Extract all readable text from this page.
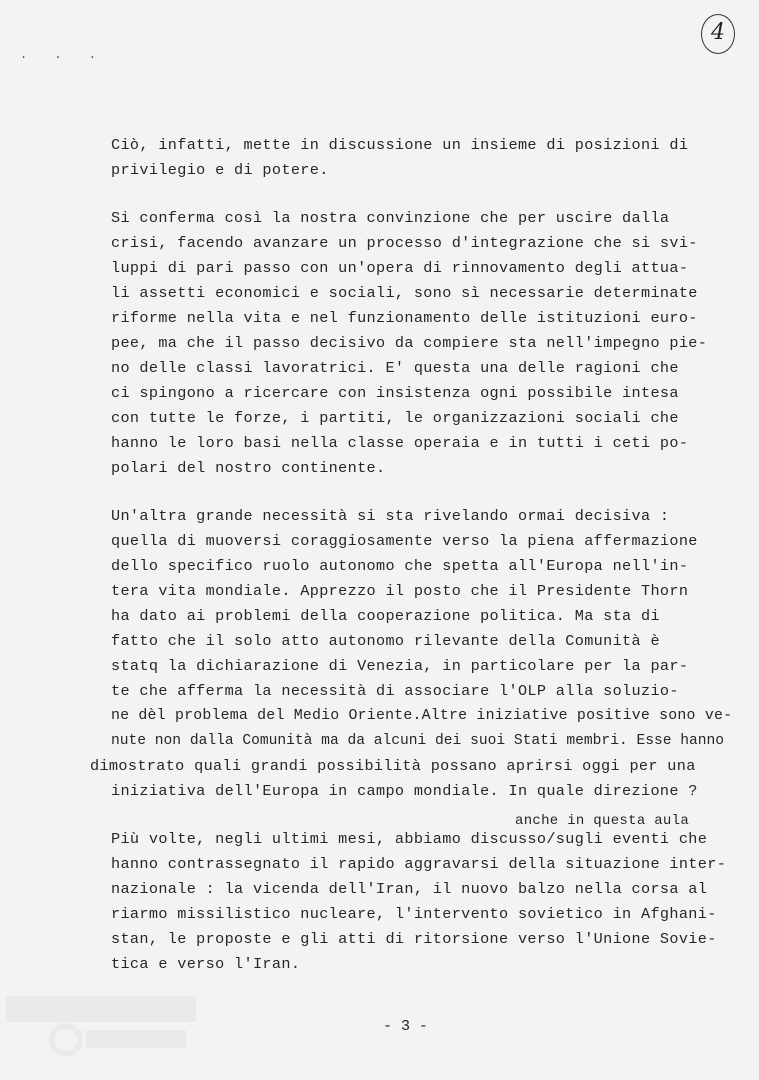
4
. . .
Ciò, infatti, mette in discussione un insieme di posizioni di
privilegio e di potere.
Si conferma così la nostra convinzione che per uscire dalla
crisi, facendo avanzare un processo d'integrazione che si svi-
luppi di pari passo con un'opera di rinnovamento degli attua-
li assetti economici e sociali, sono sì necessarie determinate
riforme nella vita e nel funzionamento delle istituzioni euro-
pee, ma che il passo decisivo da compiere sta nell'impegno pie-
no delle classi lavoratrici. E' questa una delle ragioni che
ci spingono a ricercare con insistenza ogni possibile intesa
con tutte le forze, i partiti, le organizzazioni sociali che
hanno le loro basi nella classe operaia e in tutti i ceti po-
polari del nostro continente.
Un'altra grande necessità si sta rivelando ormai decisiva :
quella di muoversi coraggiosamente verso la piena affermazione
dello specifico ruolo autonomo che spetta all'Europa nell'in-
tera vita mondiale. Apprezzo il posto che il Presidente Thorn
ha dato ai problemi della cooperazione politica. Ma sta di
fatto che il solo atto autonomo rilevante della Comunità è
statq la dichiarazione di Venezia, in particolare per la par-
te che afferma la necessità di associare l'OLP alla soluzio-
ne dèl problema del Medio Oriente.Altre iniziative positive sono ve-
nute non dalla Comunità ma da alcuni dei suoi Stati membri. Esse hanno
dimostrato quali grandi possibilità possano aprirsi oggi per una
iniziativa dell'Europa in campo mondiale. In quale direzione ?
anche in questa aula
Più volte, negli ultimi mesi, abbiamo discusso/sugli eventi che
hanno contrassegnato il rapido aggravarsi della situazione inter-
nazionale : la vicenda dell'Iran, il nuovo balzo nella corsa al
riarmo missilistico nucleare, l'intervento sovietico in Afghani-
stan, le proposte e gli atti di ritorsione verso l'Unione Sovie-
tica e verso l'Iran.
- 3 -
